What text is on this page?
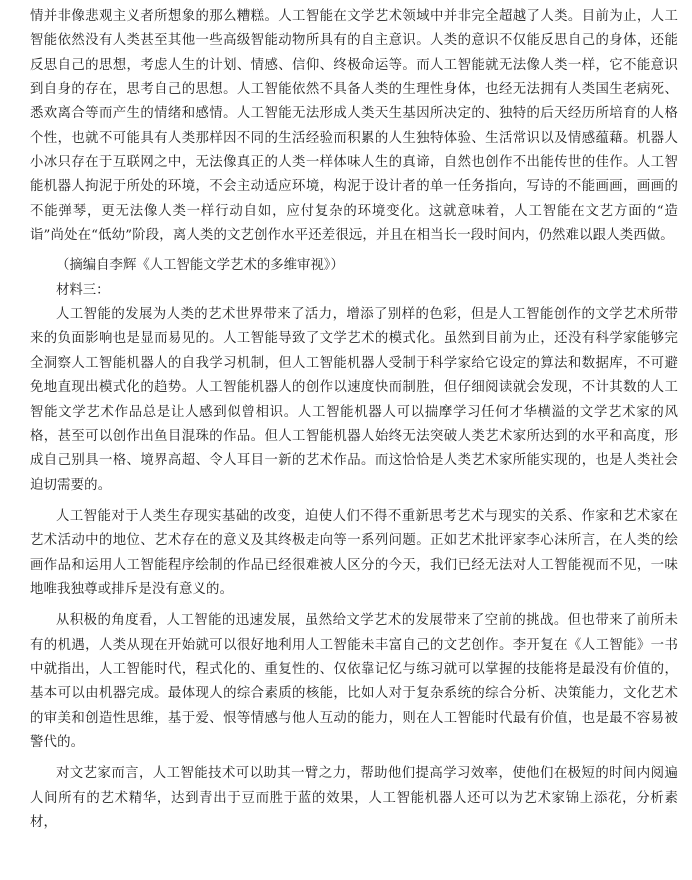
情并非像悲观主义者所想象的那么糟糕。人工智能在文学艺术领域中并非完全超越了人类。目前为止，人工智能依然没有人类甚至其他一些高级智能动物所具有的自主意识。人类的意识不仅能反思自己的身体，还能反思自己的思想，考虑人生的计划、情感、信仰、终极命运等。而人工智能就无法像人类一样，它不能意识到自身的存在，思考自己的思想。人工智能依然不具备人类的生理性身体，也经无法拥有人类国生老病死、悉欢离合等而产生的情绪和感情。人工智能无法形成人类天生基因所决定的、独特的后天经历所培育的人格个性，也就不可能具有人类那样因不同的生活经验而积累的人生独特体验、生活常识以及情感蕴藉。机器人小冰只存在于互联网之中，无法像真正的人类一样体味人生的真谛，自然也创作不出能传世的佳作。人工智能机器人拘泥于所处的环境，不会主动适应环境，构泥于设计者的单一任务指向，写诗的不能画画，画画的不能弹琴，更无法像人类一样行动自如，应付复杂的环境变化。这就意味着，人工智能在文艺方面的“造诣”尚处在“低幼”阶段，离人类的文艺创作水平还差很远，并且在相当长一段时间内，仍然难以跟人类西做。

（摘编自李辉《人工智能文学艺术的多维审视》）

材料三：

人工智能的发展为人类的艺术世界带来了活力，增添了别样的色彩，但是人工智能创作的文学艺术所带来的负面影响也是显而易见的。人工智能导致了文学艺术的模式化。虽然到目前为止，还没有科学家能够完全洞察人工智能机器人的自我学习机制，但人工智能机器人受制于科学家给它设定的算法和数据库，不可避免地直现出模式化的趋势。人工智能机器人的创作以速度快而制胜，但仔细阅读就会发现，不计其数的人工智能文学艺术作品总是让人感到似曾相识。人工智能机器人可以揣摩学习任何才华横溢的文学艺术家的风格，甚至可以创作出鱼目混珠的作品。但人工智能机器人始终无法突破人类艺术家所达到的水平和高度，形成自己别具一格、境界高超、令人耳目一新的艺术作品。而这恰恰是人类艺术家所能实现的，也是人类社会迫切需要的。

人工智能对于人类生存现实基础的改变，迫使人们不得不重新思考艺术与现实的关系、作家和艺术家在艺术活动中的地位、艺术存在的意义及其终极走向等一系列问题。正如艺术批评家李心沫所言，在人类的绘画作品和运用人工智能程序绘制的作品已经很难被人区分的今天，我们已经无法对人工智能视而不见，一味地唯我独尊或排斥是没有意义的。

从积极的角度看，人工智能的迅速发展，虽然给文学艺术的发展带来了空前的挑战。但也带来了前所未有的机遇，人类从现在开始就可以很好地利用人工智能未丰富自己的文艺创作。李开复在《人工智能》一书中就指出，人工智能时代，程式化的、重复性的、仅依靠记忆与练习就可以掌握的技能将是最没有价值的，基本可以由机器完成。最体现人的综合素质的核能，比如人对于复杂系统的综合分析、决策能力，文化艺术的审美和创造性思维，基于爱、恨等情感与他人互动的能力，则在人工智能时代最有价值，也是最不容易被警代的。

对文艺家而言，人工智能技术可以助其一臂之力，帮助他们提高学习效率，使他们在极短的时间内阅遍人间所有的艺术精华，达到青出于豆而胜于蓝的效果，人工智能机器人还可以为艺术家锦上添花，分析素材，
